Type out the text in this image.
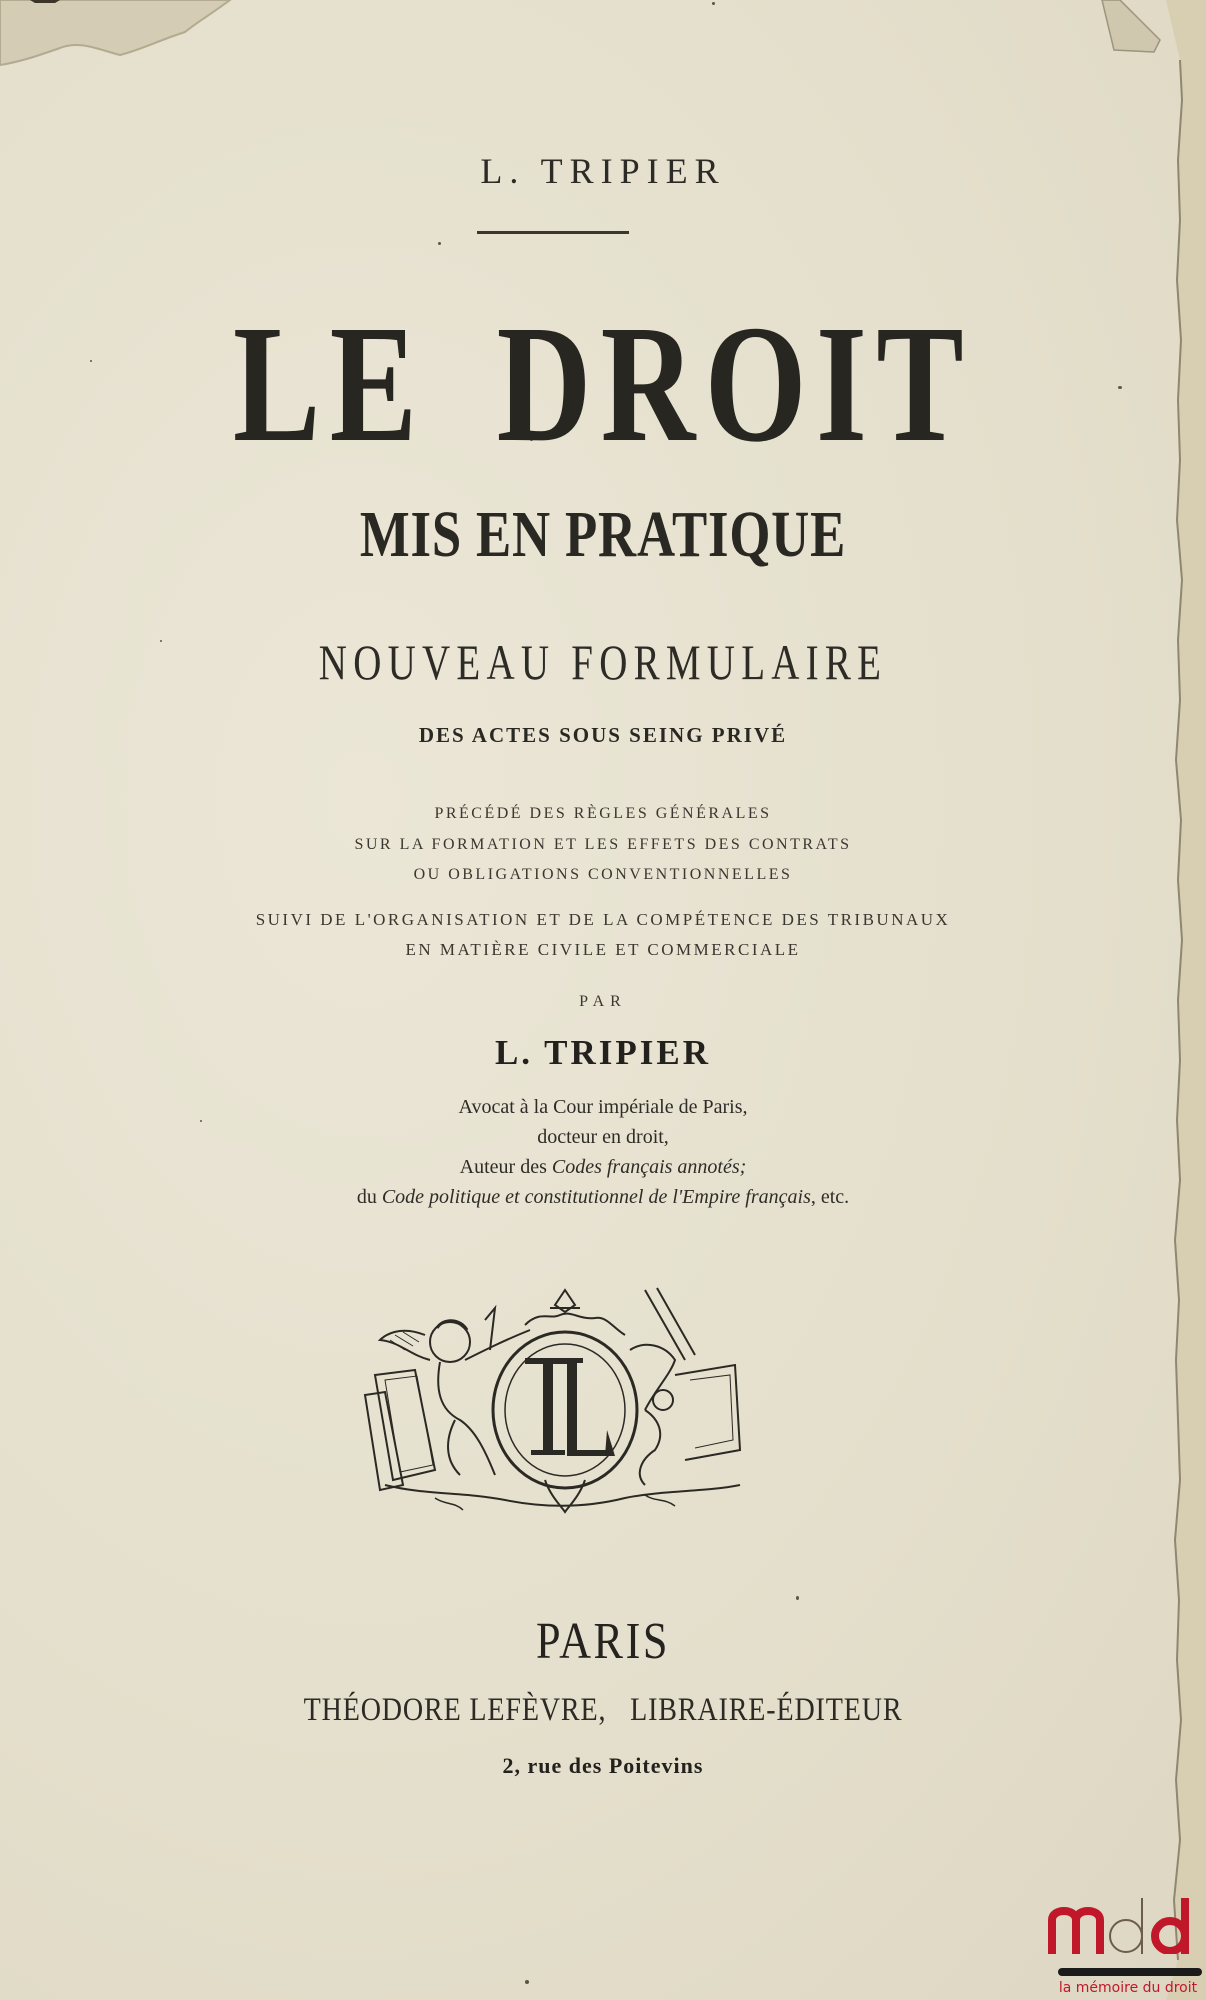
L. TRIPIER
LE DROIT
MIS EN PRATIQUE
NOUVEAU FORMULAIRE
DES ACTES SOUS SEING PRIVÉ
PRÉCÉDÉ DES RÈGLES GÉNÉRALES
SUR LA FORMATION ET LES EFFETS DES CONTRATS
OU OBLIGATIONS CONVENTIONNELLES
SUIVI DE L'ORGANISATION ET DE LA COMPÉTENCE DES TRIBUNAUX
EN MATIÈRE CIVILE ET COMMERCIALE
PAR
L. TRIPIER
Avocat à la Cour impériale de Paris,
docteur en droit,
Auteur des Codes français annotés;
du Code politique et constitutionnel de l'Empire français, etc.
PARIS
THÉODORE LEFÈVRE, LIBRAIRE-ÉDITEUR
2, rue des Poitevins
la mémoire du droit
